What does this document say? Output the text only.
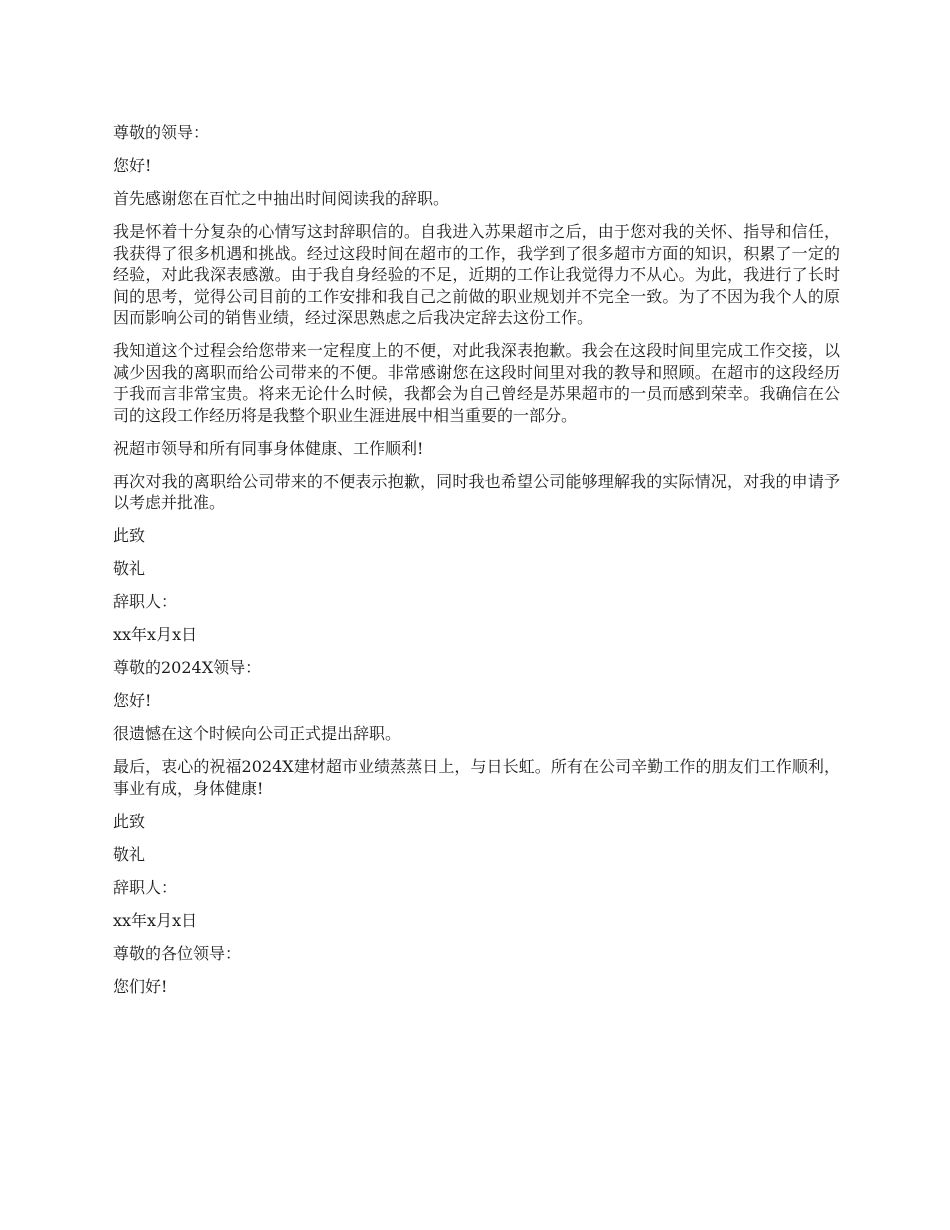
尊敬的领导：

您好!

首先感谢您在百忙之中抽出时间阅读我的辞职。

我是怀着十分复杂的心情写这封辞职信的。自我进入苏果超市之后，由于您对我的关怀、指导和信任，我获得了很多机遇和挑战。经过这段时间在超市的工作，我学到了很多超市方面的知识，积累了一定的经验，对此我深表感激。由于我自身经验的不足，近期的工作让我觉得力不从心。为此，我进行了长时间的思考，觉得公司目前的工作安排和我自己之前做的职业规划并不完全一致。为了不因为我个人的原因而影响公司的销售业绩，经过深思熟虑之后我决定辞去这份工作。

我知道这个过程会给您带来一定程度上的不便，对此我深表抱歉。我会在这段时间里完成工作交接，以减少因我的离职而给公司带来的不便。非常感谢您在这段时间里对我的教导和照顾。在超市的这段经历于我而言非常宝贵。将来无论什么时候，我都会为自己曾经是苏果超市的一员而感到荣幸。我确信在公司的这段工作经历将是我整个职业生涯进展中相当重要的一部分。

祝超市领导和所有同事身体健康、工作顺利!

再次对我的离职给公司带来的不便表示抱歉，同时我也希望公司能够理解我的实际情况，对我的申请予以考虑并批准。

此致

敬礼

辞职人：

xx年x月x日

尊敬的2024X领导：

您好!

很遗憾在这个时候向公司正式提出辞职。

最后，衷心的祝福2024X建材超市业绩蒸蒸日上，与日长虹。所有在公司辛勤工作的朋友们工作顺利，事业有成，身体健康!

此致

敬礼

辞职人：

xx年x月x日

尊敬的各位领导：

您们好!
